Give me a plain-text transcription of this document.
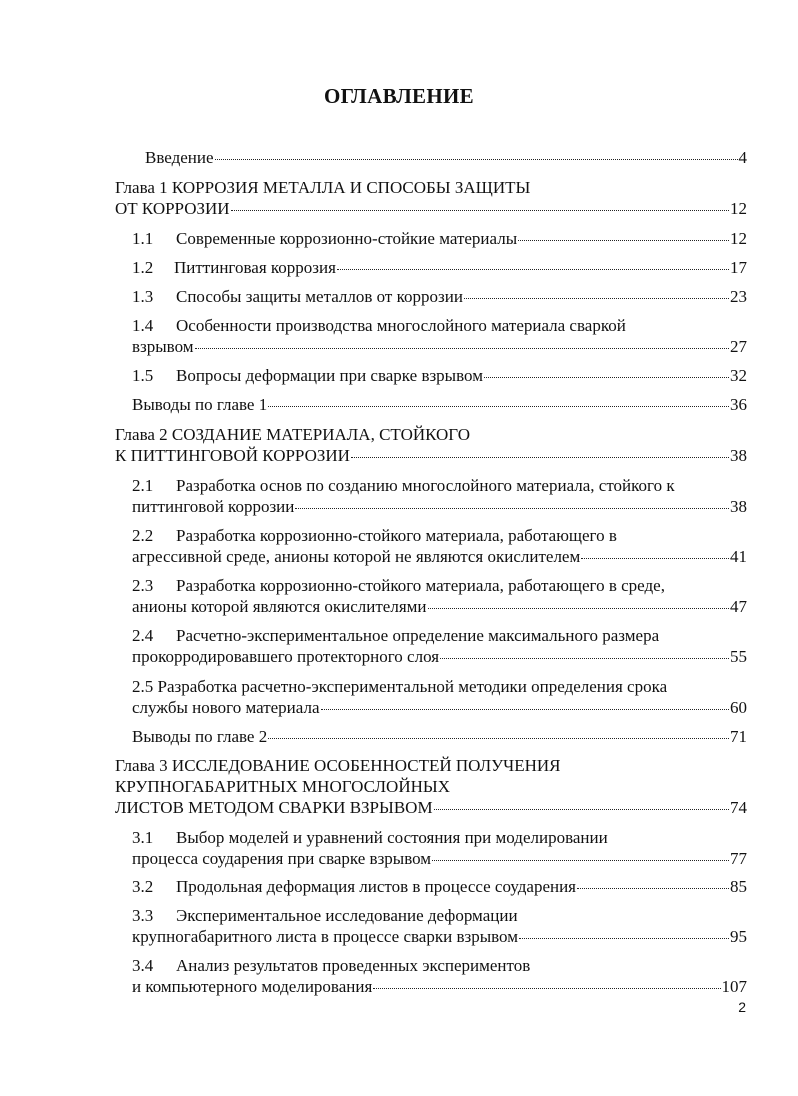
ОГЛАВЛЕНИЕ
Введение	4
Глава 1 КОРРОЗИЯ МЕТАЛЛА И СПОСОБЫ ЗАЩИТЫ
ОТ КОРРОЗИИ	12
1.1	Современные коррозионно-стойкие материалы	12
1.2	Питтинговая коррозия	17
1.3	Способы защиты металлов от коррозии	23
1.4	Особенности производства многослойного материала сваркой
взрывом	27
1.5	Вопросы деформации при сварке взрывом	32
Выводы по главе 1	36
Глава 2 СОЗДАНИЕ МАТЕРИАЛА, СТОЙКОГО
К ПИТТИНГОВОЙ КОРРОЗИИ	38
2.1	Разработка основ по созданию многослойного материала, стойкого к
питтинговой коррозии	38
2.2	Разработка коррозионно-стойкого материала, работающего в
агрессивной среде, анионы которой не являются окислителем	41
2.3	Разработка коррозионно-стойкого материала, работающего в среде,
анионы которой являются окислителями	47
2.4	Расчетно-экспериментальное определение максимального размера
прокорродировавшего протекторного слоя	55
2.5 Разработка расчетно-экспериментальной методики определения срока
службы нового материала	60
Выводы по главе 2	71
Глава 3 ИССЛЕДОВАНИЕ ОСОБЕННОСТЕЙ ПОЛУЧЕНИЯ
КРУПНОГАБАРИТНЫХ МНОГОСЛОЙНЫХ
ЛИСТОВ МЕТОДОМ СВАРКИ ВЗРЫВОМ	74
3.1	Выбор моделей и уравнений состояния при моделировании
процесса соударения при сварке взрывом	77
3.2	Продольная деформация листов в процессе соударения	85
3.3	Экспериментальное исследование деформации
крупногабаритного листа в процессе сварки взрывом	95
3.4	Анализ результатов проведенных экспериментов
и компьютерного моделирования	107
2
